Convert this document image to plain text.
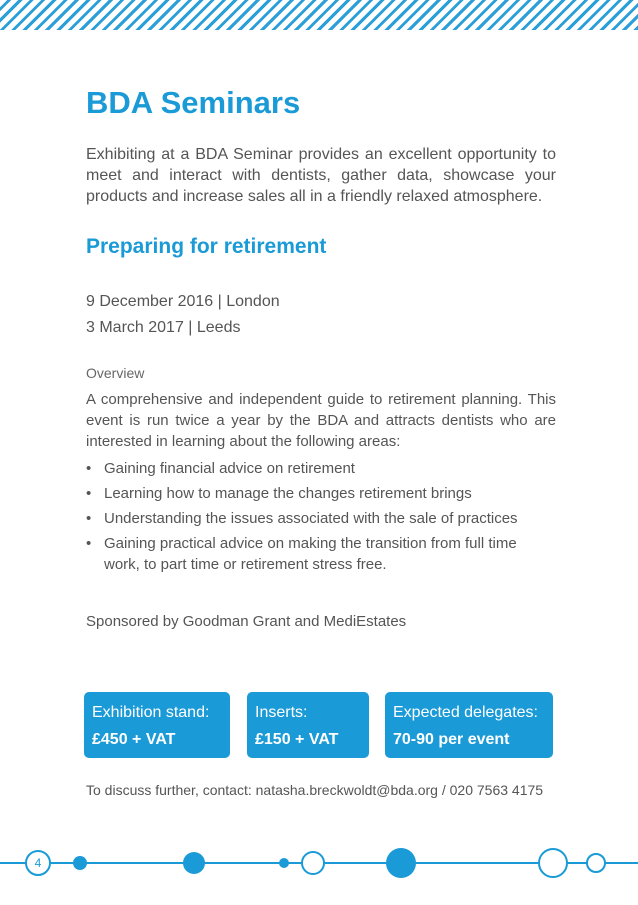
BDA Seminars

Exhibiting at a BDA Seminar provides an excellent opportunity to meet and interact with dentists, gather data, showcase your products and increase sales all in a friendly relaxed atmosphere.

Preparing for retirement
9 December 2016 | London
3 March 2017 | Leeds
Overview

A comprehensive and independent guide to retirement planning. This event is run twice a year by the BDA and attracts dentists who are interested in learning about the following areas:

• Gaining financial advice on retirement
• Learning how to manage the changes retirement brings
• Understanding the issues associated with the sale of practices
• Gaining practical advice on making the transition from full time work, to part time or retirement stress free.
Sponsored by Goodman Grant and MediEstates
Exhibition stand:
£450 + VAT
Inserts:
£150 + VAT
Expected delegates:
70-90 per event
To discuss further, contact: natasha.breckwoldt@bda.org / 020 7563 4175
4
